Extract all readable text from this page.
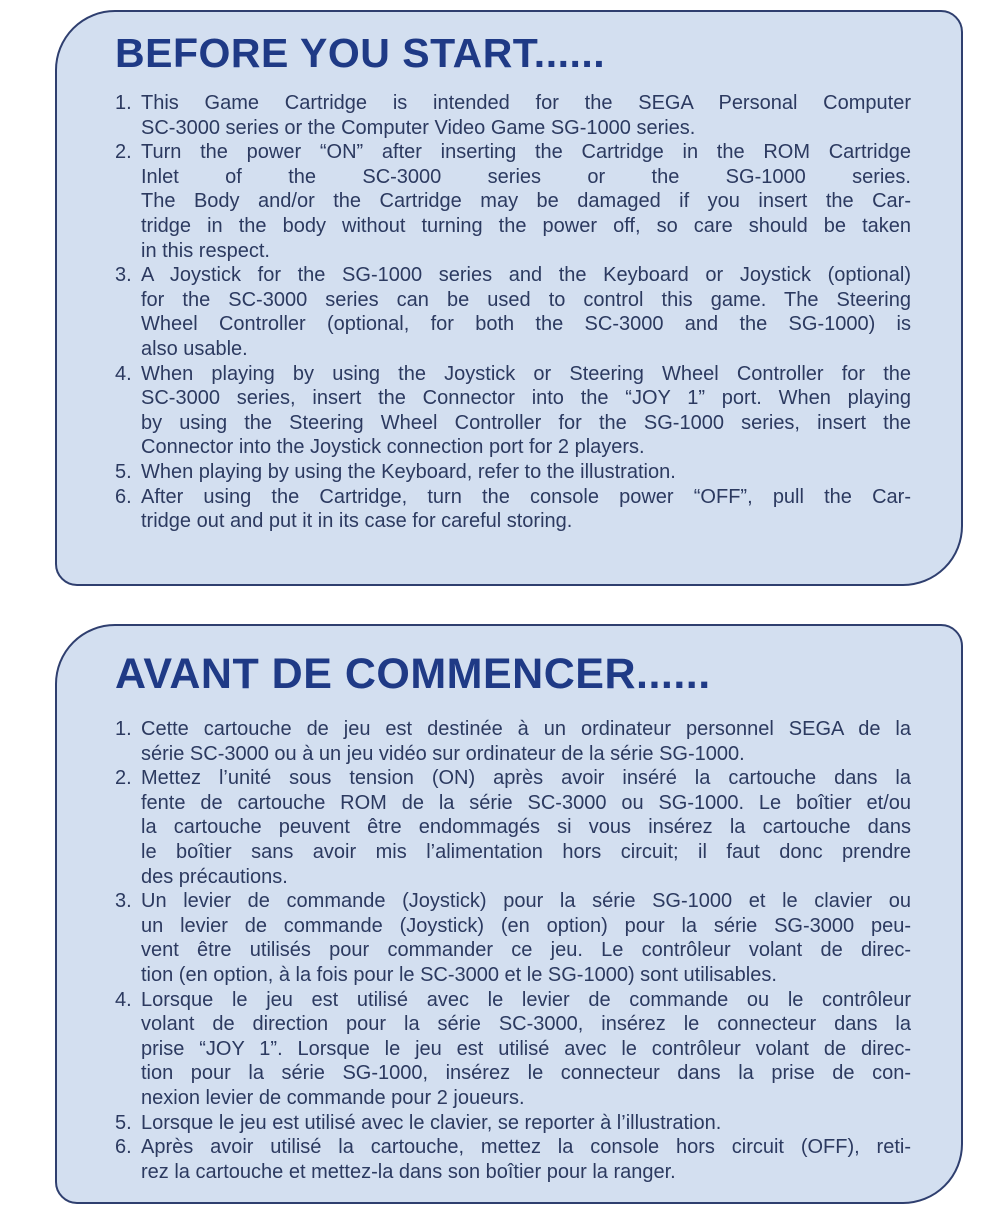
BEFORE YOU START......
1. This Game Cartridge is intended for the SEGA Personal Computer
SC-3000 series or the Computer Video Game SG-1000 series.
2. Turn the power “ON” after inserting the Cartridge in the ROM Cartridge
Inlet of the SC-3000 series or the SG-1000 series.
The Body and/or the Cartridge may be damaged if you insert the Car-
tridge in the body without turning the power off, so care should be taken
in this respect.
3. A Joystick for the SG-1000 series and the Keyboard or Joystick (optional)
for the SC-3000 series can be used to control this game. The Steering
Wheel Controller (optional, for both the SC-3000 and the SG-1000) is
also usable.
4. When playing by using the Joystick or Steering Wheel Controller for the
SC-3000 series, insert the Connector into the “JOY 1” port. When playing
by using the Steering Wheel Controller for the SG-1000 series, insert the
Connector into the Joystick connection port for 2 players.
5. When playing by using the Keyboard, refer to the illustration.
6. After using the Cartridge, turn the console power “OFF”, pull the Car-
tridge out and put it in its case for careful storing.
AVANT DE COMMENCER......
1. Cette cartouche de jeu est destinée à un ordinateur personnel SEGA de la
série SC-3000 ou à un jeu vidéo sur ordinateur de la série SG-1000.
2. Mettez l’unité sous tension (ON) après avoir inséré la cartouche dans la
fente de cartouche ROM de la série SC-3000 ou SG-1000. Le boîtier et/ou
la cartouche peuvent être endommagés si vous insérez la cartouche dans
le boîtier sans avoir mis l’alimentation hors circuit; il faut donc prendre
des précautions.
3. Un levier de commande (Joystick) pour la série SG-1000 et le clavier ou
un levier de commande (Joystick) (en option) pour la série SG-3000 peu-
vent être utilisés pour commander ce jeu. Le contrôleur volant de direc-
tion (en option, à la fois pour le SC-3000 et le SG-1000) sont utilisables.
4. Lorsque le jeu est utilisé avec le levier de commande ou le contrôleur
volant de direction pour la série SC-3000, insérez le connecteur dans la
prise “JOY 1”. Lorsque le jeu est utilisé avec le contrôleur volant de direc-
tion pour la série SG-1000, insérez le connecteur dans la prise de con-
nexion levier de commande pour 2 joueurs.
5. Lorsque le jeu est utilisé avec le clavier, se reporter à l’illustration.
6. Après avoir utilisé la cartouche, mettez la console hors circuit (OFF), reti-
rez la cartouche et mettez-la dans son boîtier pour la ranger.
